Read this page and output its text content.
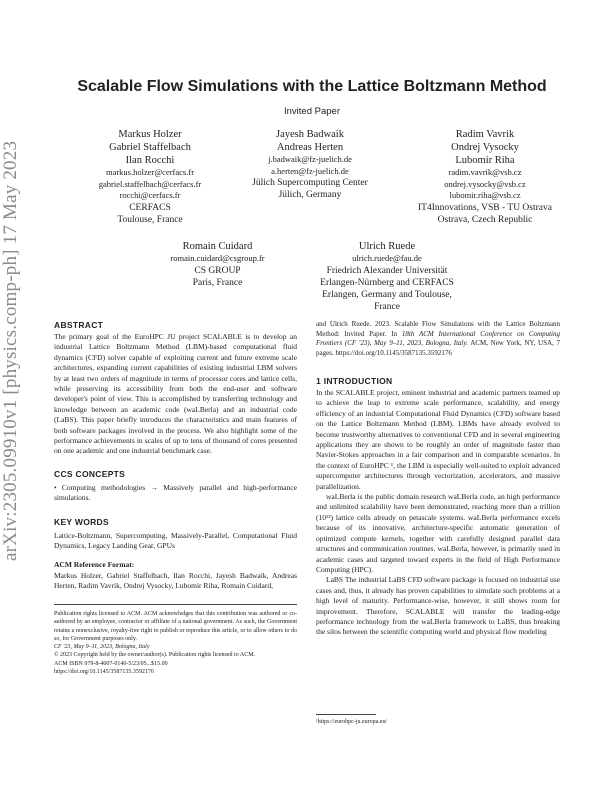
arXiv:2305.09910v1 [physics.comp-ph] 17 May 2023
Scalable Flow Simulations with the Lattice Boltzmann Method
Invited Paper
Markus Holzer
Gabriel Staffelbach
Ilan Rocchi
markus.holzer@cerfacs.fr
gabriel.staffelbach@cerfacs.fr
rocchi@cerfacs.fr
CERFACS
Toulouse, France
Jayesh Badwaik
Andreas Herten
j.badwaik@fz-juelich.de
a.herten@fz-juelich.de
Jülich Supercomputing Center
Jülich, Germany
Radim Vavrik
Ondrej Vysocky
Lubomir Riha
radim.vavrik@vsb.cz
ondrej.vysocky@vsb.cz
lubomir.riha@vsb.cz
IT4Innovations, VSB - TU Ostrava
Ostrava, Czech Republic
Romain Cuidard
romain.cuidard@csgroup.fr
CS GROUP
Paris, France
Ulrich Ruede
ulrich.ruede@fau.de
Friedrich Alexander Universität
Erlangen-Nürnberg and CERFACS
Erlangen, Germany and Toulouse,
France
ABSTRACT
The primary goal of the EuroHPC JU project SCALABLE is to develop an industrial Lattice Boltzmann Method (LBM)-based computational fluid dynamics (CFD) solver capable of exploiting current and future extreme scale architectures, expanding current capabilities of existing industrial LBM solvers by at least two orders of magnitude in terms of processor cores and lattice cells, while preserving its accessibility from both the end-user and software developer's point of view. This is accomplished by transferring technology and knowledge between an academic code (waLBerla) and an industrial code (LaBS). This paper briefly introduces the characteristics and main features of both software packages involved in the process. We also highlight some of the performance achievements in scales of up to tens of thousand of cores presented on one academic and one industrial benchmark case.
CCS CONCEPTS
• Computing methodologies → Massively parallel and high-performance simulations.
KEY WORDS
Lattice-Boltzmann, Supercomputing, Massively-Parallel, Computational Fluid Dynamics, Legacy Landing Gear, GPUs
ACM Reference Format:
Markus Holzer, Gabriel Staffelbach, Ilan Rocchi, Jayesh Badwaik, Andreas Herten, Radim Vavrik, Ondrej Vysocky, Lubomir Riha, Romain Cuidard,

Publication rights licensed to ACM. ACM acknowledges that this contribution was authored or co-authored by an employee, contractor or affiliate of a national government. As such, the Government retains a nonexclusive, royalty-free right to publish or reproduce this article, or to allow others to do so, for Government purposes only.

CF '23, May 9–11, 2023, Bologna, Italy

© 2023 Copyright held by the owner/author(s). Publication rights licensed to ACM.

ACM ISBN 979-8-4007-0140-5/23/05...$15.00

https://doi.org/10.1145/3587135.3592176

and Ulrich Ruede. 2023. Scalable Flow Simulations with the Lattice Boltzmann Method: Invited Paper. In 18th ACM International Conference on Computing Frontiers (CF '23), May 9–11, 2023, Bologna, Italy. ACM, New York, NY, USA, 7 pages. https://doi.org/10.1145/3587135.3592176
1 INTRODUCTION

In the SCALABLE project, eminent industrial and academic partners teamed up to achieve the leap to extreme scale performance, scalability, and energy efficiency of an industrial Computational Fluid Dynamics (CFD) software based on the Lattice Boltzmann Method (LBM). LBMs have already evolved to become trustworthy alternatives to conventional CFD and in several engineering applications they are shown to be roughly an order of magnitude faster than Navier-Stokes approaches in a fair comparison and in comparable scenarios. In the context of EuroHPC ¹, the LBM is especially well-suited to exploit advanced supercomputer architectures through vectorization, accelerators, and massive parallelization.

waLBerla is the public domain research waLBerla code, an high performance and unlimited scalability have been demonstrated, reaching more than a trillion (10¹²) lattice cells already on petascale systems. waLBerla performance excels because of its innovative, architecture-specific automatic generation of optimized compute kernels, together with carefully designed parallel data structures and communication routines. waLBerla, however, is primarily used in academic cases and targeted toward experts in the field of High Performance Computing (HPC).

LaBS The industrial LaBS CFD software package is focused on industrial use cases and, thus, it already has proven capabilities to simulate such problems at a high level of maturity. Performance-wise, however, it still shows room for improvement. Therefore, SCALABLE will transfer the leading-edge performance technology from the waLBerla framework to LaBS, thus breaking the silos between the scientific computing world and physical flow modeling

¹https://eurohpc-ju.europa.eu/
